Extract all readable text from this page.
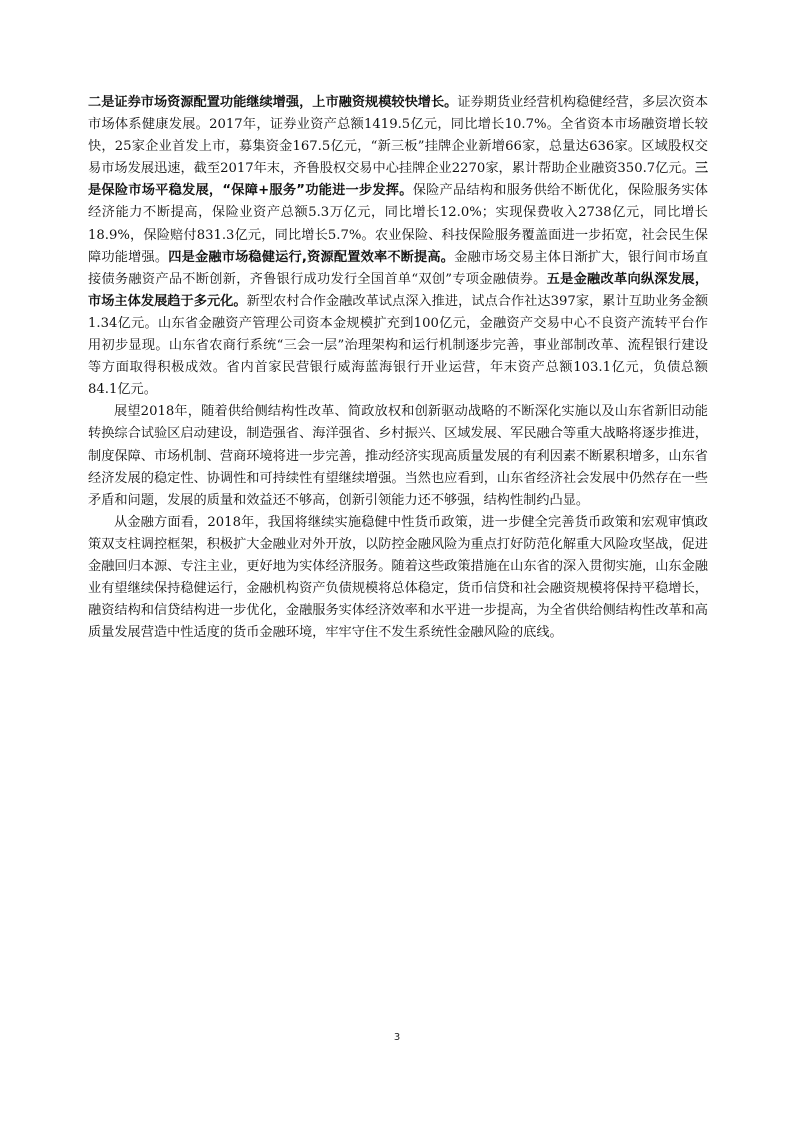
二是证券市场资源配置功能继续增强，上市融资规模较快增长。证券期货业经营机构稳健经营，多层次资本市场体系健康发展。2017年，证券业资产总额1419.5亿元，同比增长10.7%。全省资本市场融资增长较快，25家企业首发上市，募集资金167.5亿元，“新三板”挂牌企业新增66家，总量达636家。区域股权交易市场发展迅速，截至2017年末，齐鲁股权交易中心挂牌企业2270家，累计帮助企业融资350.7亿元。三是保险市场平稳发展，“保障+服务”功能进一步发挥。保险产品结构和服务供给不断优化，保险服务实体经济能力不断提高，保险业资产总额5.3万亿元，同比增长12.0%；实现保费收入2738亿元，同比增长18.9%，保险赔付831.3亿元，同比增长5.7%。农业保险、科技保险服务覆盖面进一步拓宽，社会民生保障功能增强。四是金融市场稳健运行,资源配置效率不断提高。金融市场交易主体日渐扩大，银行间市场直接债务融资产品不断创新，齐鲁银行成功发行全国首单“双创”专项金融债券。五是金融改革向纵深发展，市场主体发展趋于多元化。新型农村合作金融改革试点深入推进，试点合作社达397家，累计互助业务金额1.34亿元。山东省金融资产管理公司资本金规模扩充到100亿元，金融资产交易中心不良资产流转平台作用初步显现。山东省农商行系统“三会一层”治理架构和运行机制逐步完善，事业部制改革、流程银行建设等方面取得积极成效。省内首家民营银行威海蓝海银行开业运营，年末资产总额103.1亿元，负债总额84.1亿元。

展望2018年，随着供给侧结构性改革、简政放权和创新驱动战略的不断深化实施以及山东省新旧动能转换综合试验区启动建设，制造强省、海洋强省、乡村振兴、区域发展、军民融合等重大战略将逐步推进，制度保障、市场机制、营商环境将进一步完善，推动经济实现高质量发展的有利因素不断累积增多，山东省经济发展的稳定性、协调性和可持续性有望继续增强。当然也应看到，山东省经济社会发展中仍然存在一些矛盾和问题，发展的质量和效益还不够高，创新引领能力还不够强，结构性制约凸显。

从金融方面看，2018年，我国将继续实施稳健中性货币政策，进一步健全完善货币政策和宏观审慎政策双支柱调控框架，积极扩大金融业对外开放，以防控金融风险为重点打好防范化解重大风险攻坚战，促进金融回归本源、专注主业，更好地为实体经济服务。随着这些政策措施在山东省的深入贯彻实施，山东金融业有望继续保持稳健运行，金融机构资产负债规模将总体稳定，货币信贷和社会融资规模将保持平稳增长，融资结构和信贷结构进一步优化，金融服务实体经济效率和水平进一步提高，为全省供给侧结构性改革和高质量发展营造中性适度的货币金融环境，牢牢守住不发生系统性金融风险的底线。

3
